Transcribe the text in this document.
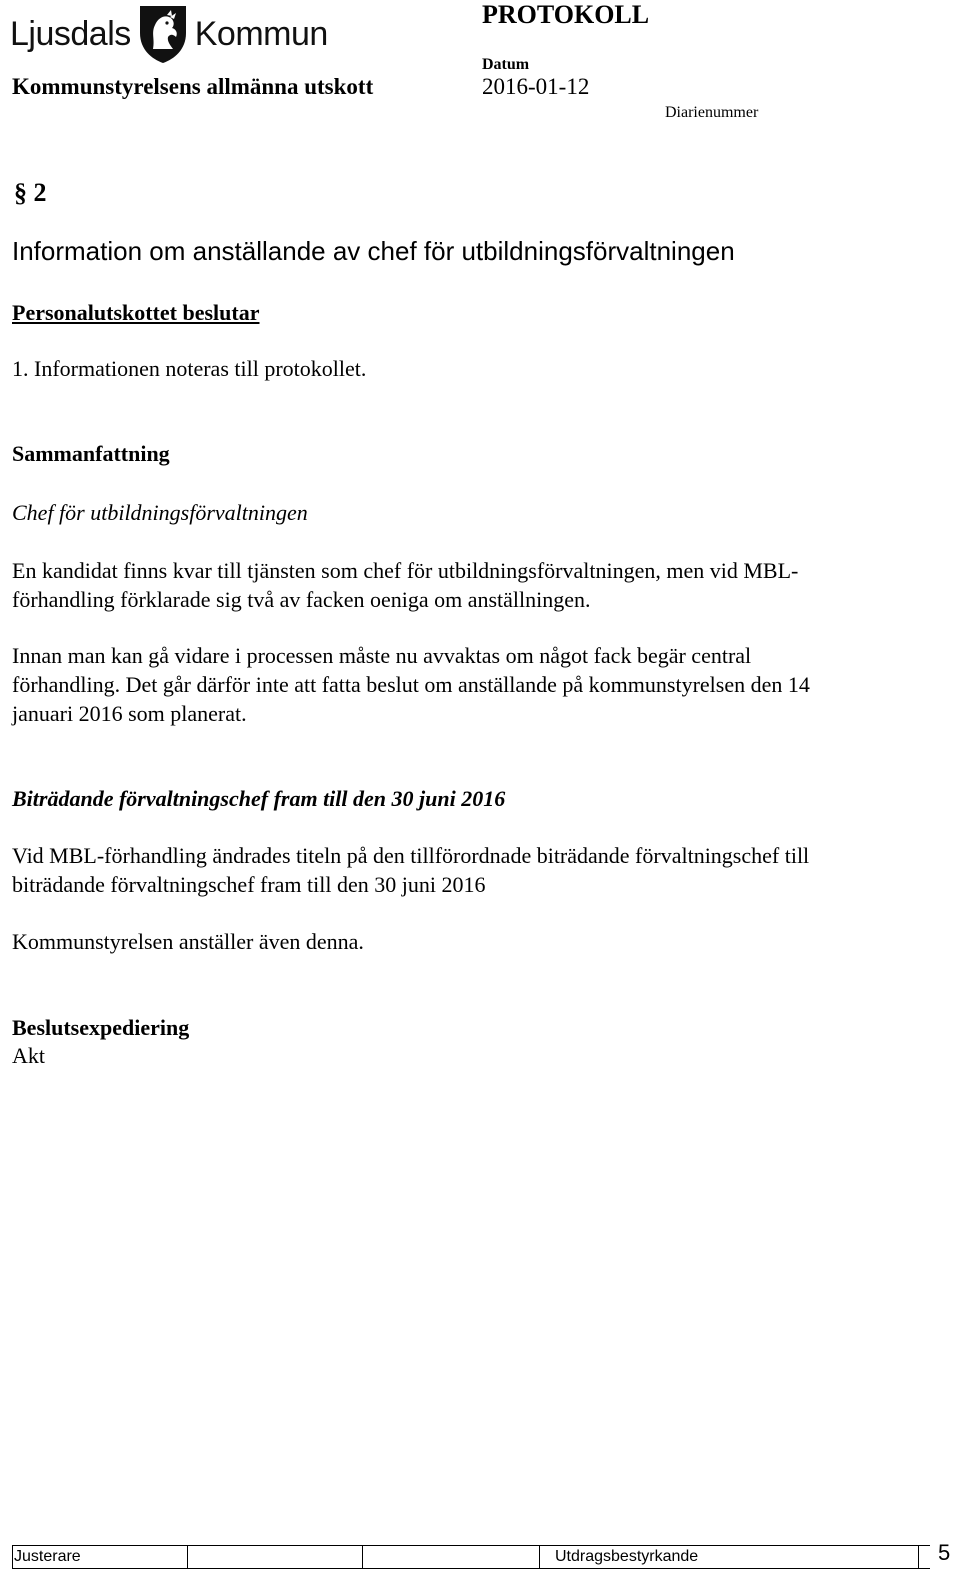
Ljusdals Kommun	PROTOKOLL
Datum
Kommunstyrelsens allmänna utskott	2016-01-12
Diarienummer
§ 2
Information om anställande av chef för utbildningsförvaltningen
Personalutskottet beslutar
1. Informationen noteras till protokollet.
Sammanfattning
Chef för utbildningsförvaltningen
En kandidat finns kvar till tjänsten som chef för utbildningsförvaltningen, men vid MBL-
förhandling förklarade sig två av facken oeniga om anställningen.
Innan man kan gå vidare i processen måste nu avvaktas om något fack begär central
förhandling. Det går därför inte att fatta beslut om anställande på kommunstyrelsen den 14
januari 2016 som planerat.
Biträdande förvaltningschef fram till den 30 juni 2016
Vid MBL-förhandling ändrades titeln på den tillförordnade biträdande förvaltningschef till
biträdande förvaltningschef fram till den 30 juni 2016
Kommunstyrelsen anställer även denna.
Beslutsexpediering
Akt
Justerare	Utdragsbestyrkande	5
